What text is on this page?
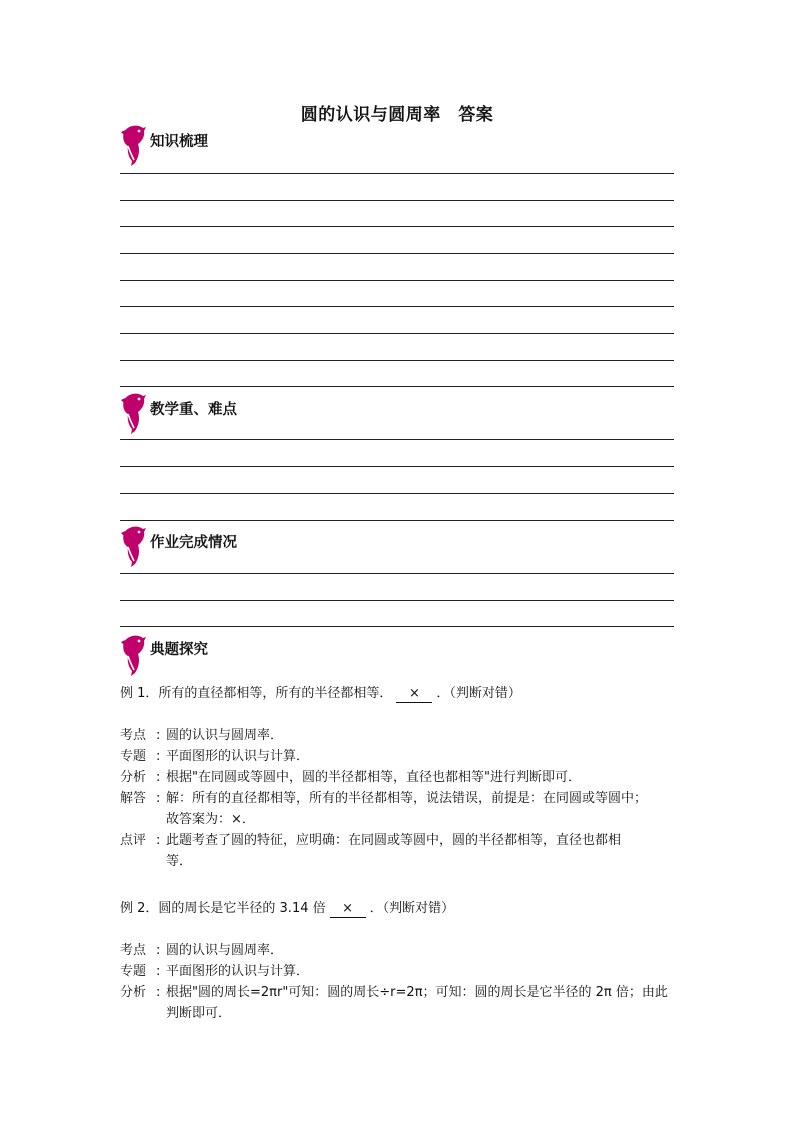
圆的认识与圆周率　答案
知识梳理
教学重、难点
作业完成情况
典题探究
例 1．所有的直径都相等，所有的半径都相等． × ．（判断对错）
考点 : 圆的认识与圆周率．
专题 : 平面图形的认识与计算．
分析 : 根据"在同圆或等圆中，圆的半径都相等，直径也都相等"进行判断即可．
解答 : 解：所有的直径都相等，所有的半径都相等，说法错误，前提是：在同圆或等圆中；
故答案为：×．
点评 : 此题考查了圆的特征，应明确：在同圆或等圆中，圆的半径都相等，直径也都相
等．
例 2．圆的周长是它半径的 3.14 倍 × ．（判断对错）
考点 : 圆的认识与圆周率．
专题 : 平面图形的认识与计算．
分析 : 根据"圆的周长=2πr"可知：圆的周长÷r=2π；可知：圆的周长是它半径的 2π 倍；由此
判断即可．
